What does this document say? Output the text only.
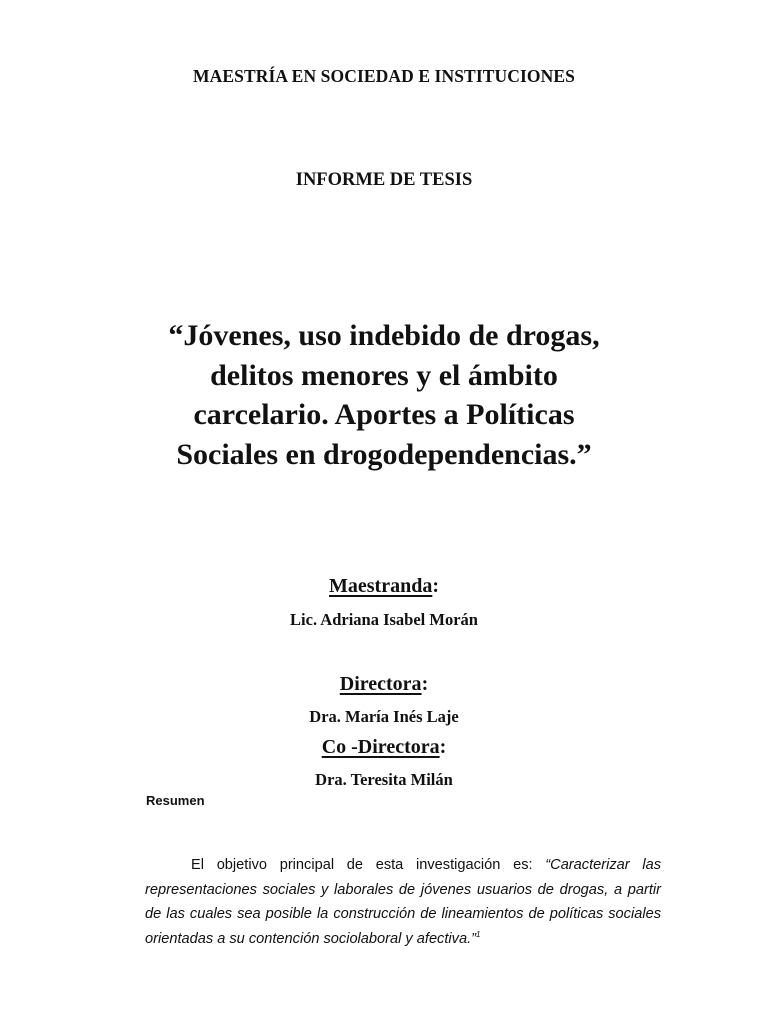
MAESTRÍA EN SOCIEDAD E INSTITUCIONES
INFORME DE TESIS
“Jóvenes, uso indebido de drogas,
delitos menores y el ámbito
carcelario. Aportes a Políticas
Sociales en drogodependencias.”
Maestranda:
Lic. Adriana Isabel Morán
Directora:
Dra. María Inés Laje
Co -Directora:
Dra. Teresita Milán
Resumen

El objetivo principal de esta investigación es: “Caracterizar las representaciones sociales y laborales de jóvenes usuarios de drogas, a partir de las cuales sea posible la construcción de lineamientos de políticas sociales orientadas a su contención sociolaboral y afectiva.”$^1$
